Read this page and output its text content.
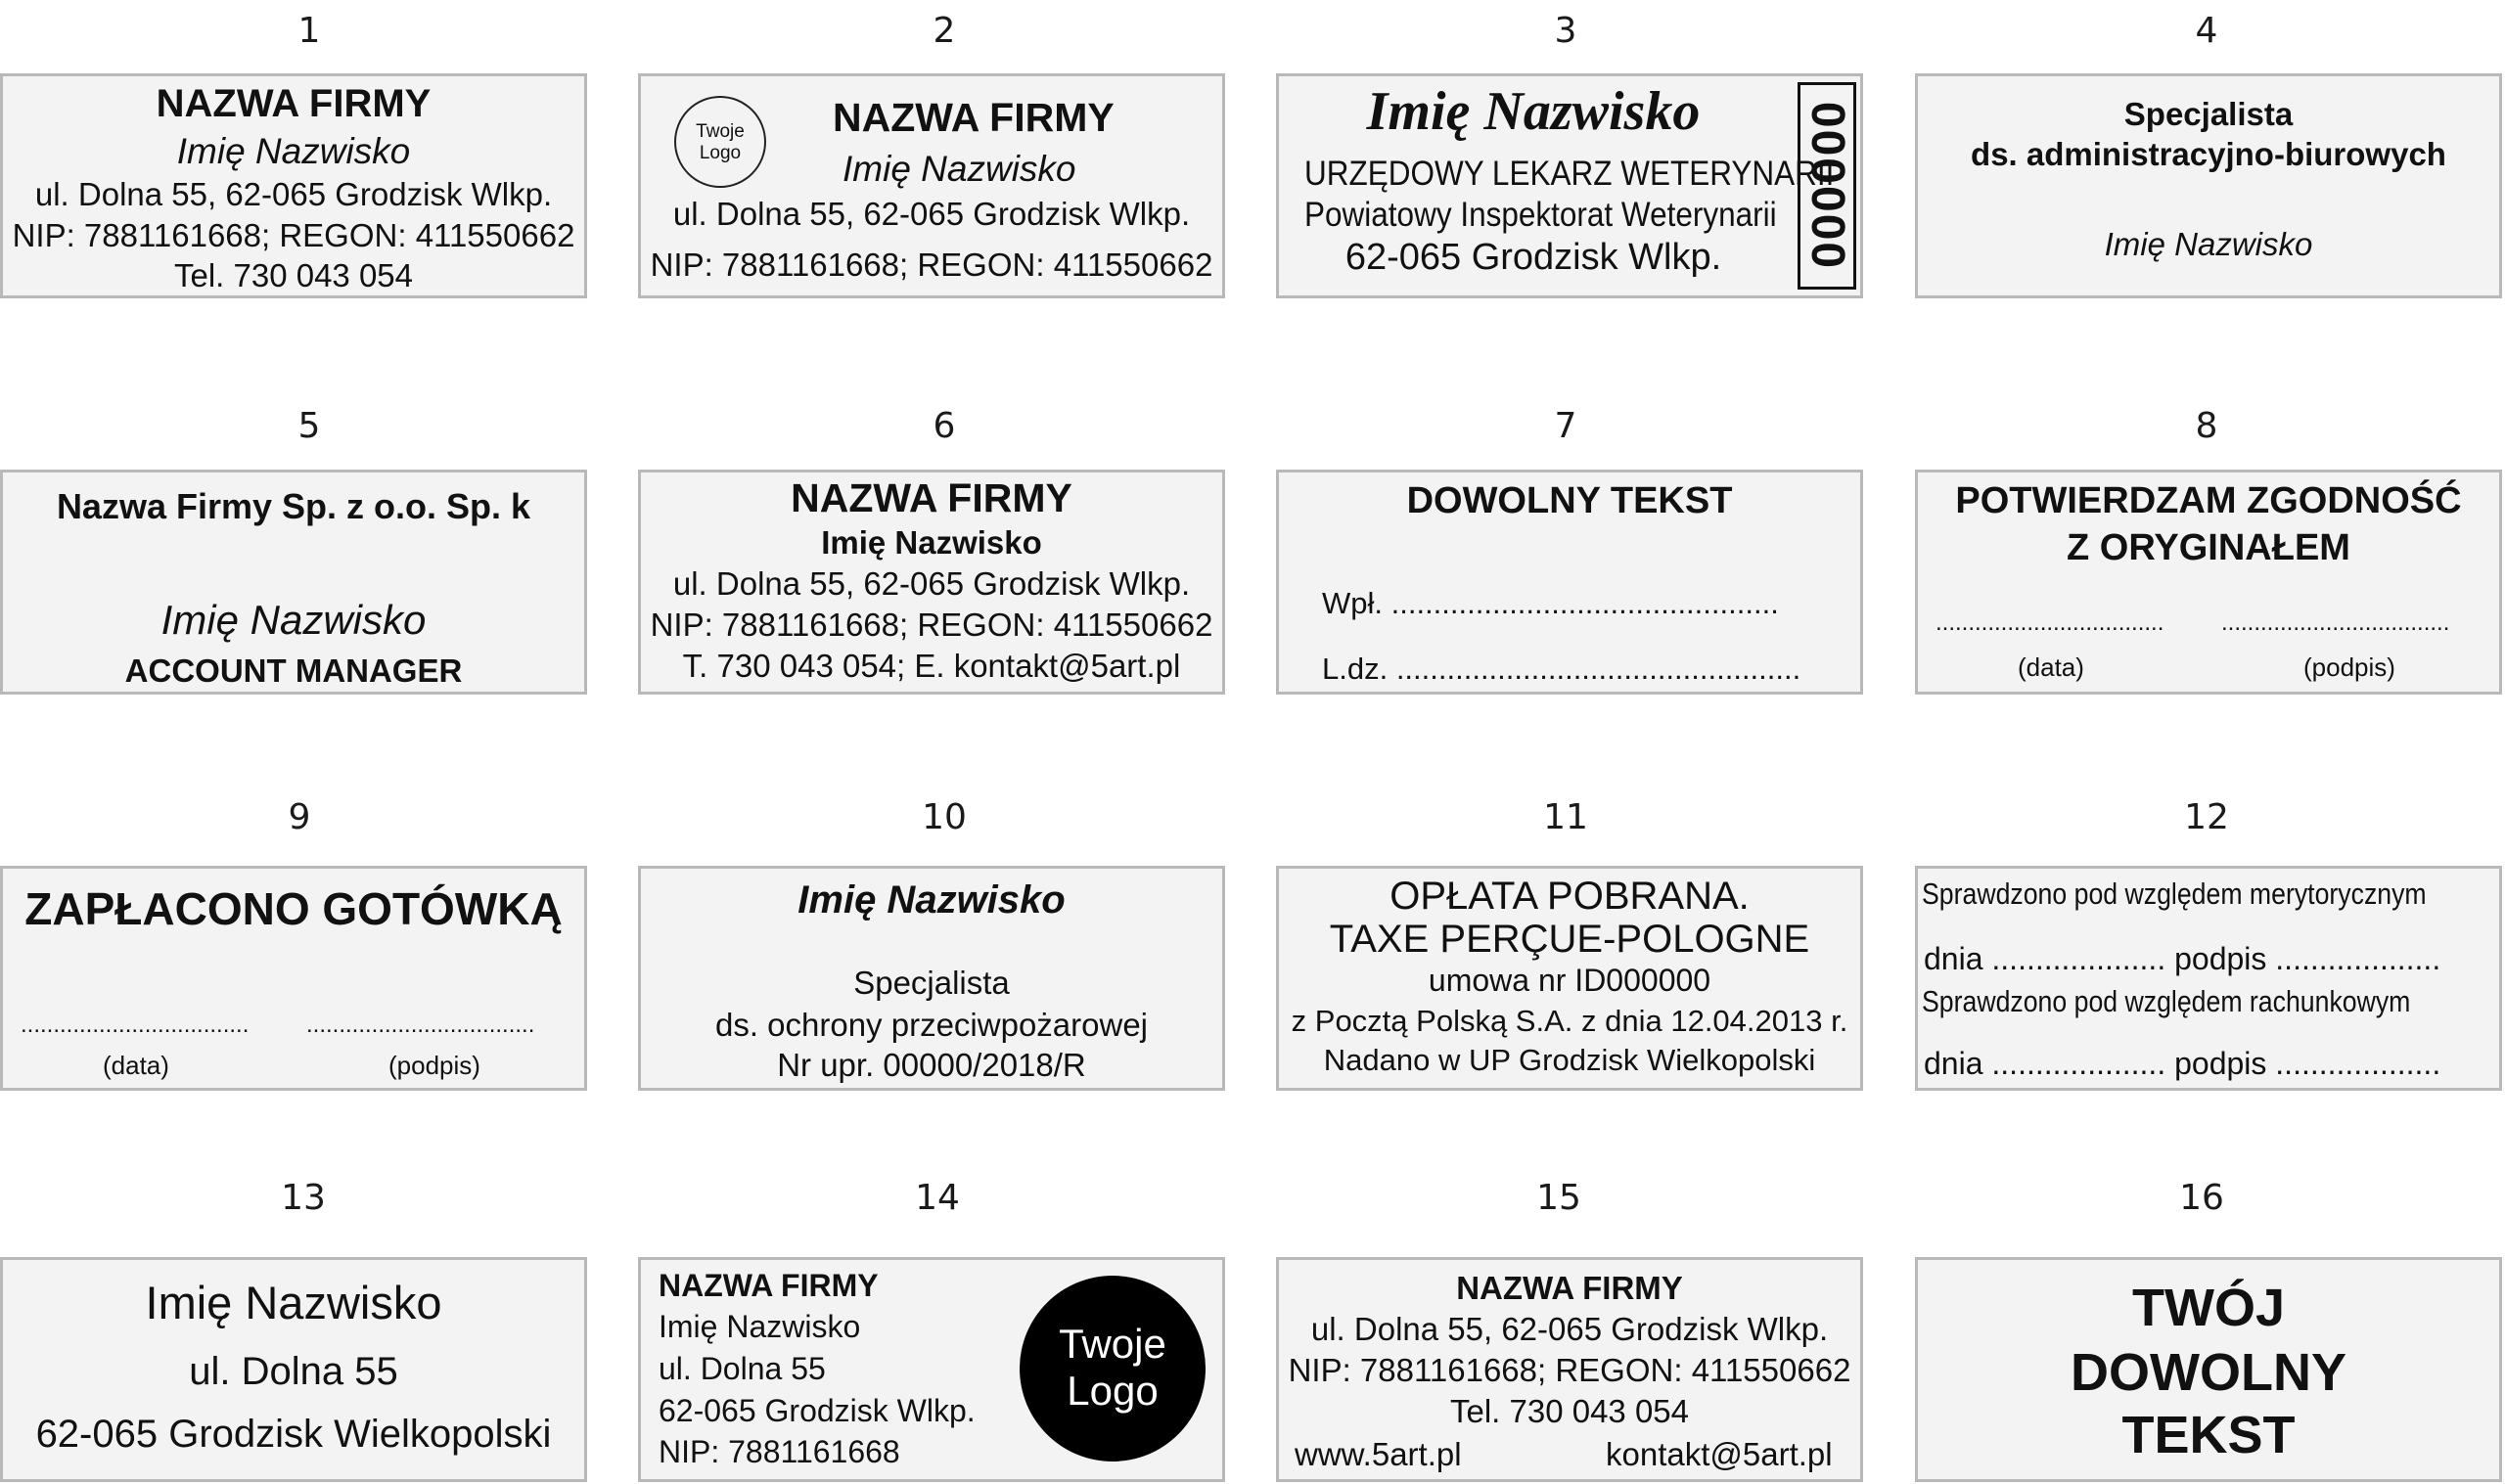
1	2	3	4
NAZWA FIRMY
Imię Nazwisko
ul. Dolna 55, 62-065 Grodzisk Wlkp.
NIP: 7881161668; REGON: 411550662
Tel. 730 043 054
Twoje
Logo
NAZWA FIRMY
Imię Nazwisko
ul. Dolna 55, 62-065 Grodzisk Wlkp.
NIP: 7881161668; REGON: 411550662
Imię Nazwisko
URZĘDOWY LEKARZ WETERYNARII
Powiatowy Inspektorat Weterynarii
62-065 Grodzisk Wlkp.	000000	Specjalista
ds. administracyjno-biurowych
Imię Nazwisko
5	6	7	8
Nazwa Firmy Sp. z o.o. Sp. k
Imię Nazwisko
ACCOUNT MANAGER
NAZWA FIRMY
Imię Nazwisko
ul. Dolna 55, 62-065 Grodzisk Wlkp.
NIP: 7881161668; REGON: 411550662
T. 730 043 054; E. kontakt@5art.pl
DOWOLNY TEKST
Wpł. ..............................................
L.dz. ................................................
POTWIERDZAM ZGODNOŚĆ
Z ORYGINAŁEM
................................... ...................................
(data)	(podpis)
9	10	11	12
ZAPŁACONO GOTÓWKĄ
................................... ...................................
(data)	(podpis)
Imię Nazwisko
Specjalista
ds. ochrony przeciwpożarowej
Nr upr. 00000/2018/R
OPŁATA POBRANA.
TAXE PERÇUE-POLOGNE
umowa nr ID000000
z Pocztą Polską S.A. z dnia 12.04.2013 r.
Nadano w UP Grodzisk Wielkopolski
Sprawdzono pod względem merytorycznym
dnia .................... podpis ...................
Sprawdzono pod względem rachunkowym
dnia .................... podpis ...................
13	14	15	16
Imię Nazwisko
ul. Dolna 55
62-065 Grodzisk Wielkopolski
NAZWA FIRMY
Imię Nazwisko
ul. Dolna 55
62-065 Grodzisk Wlkp.
NIP: 7881161668
Twoje
Logo
NAZWA FIRMY
ul. Dolna 55, 62-065 Grodzisk Wlkp.
NIP: 7881161668; REGON: 411550662
Tel. 730 043 054
www.5art.pl	kontakt@5art.pl
TWÓJ
DOWOLNY
TEKST
